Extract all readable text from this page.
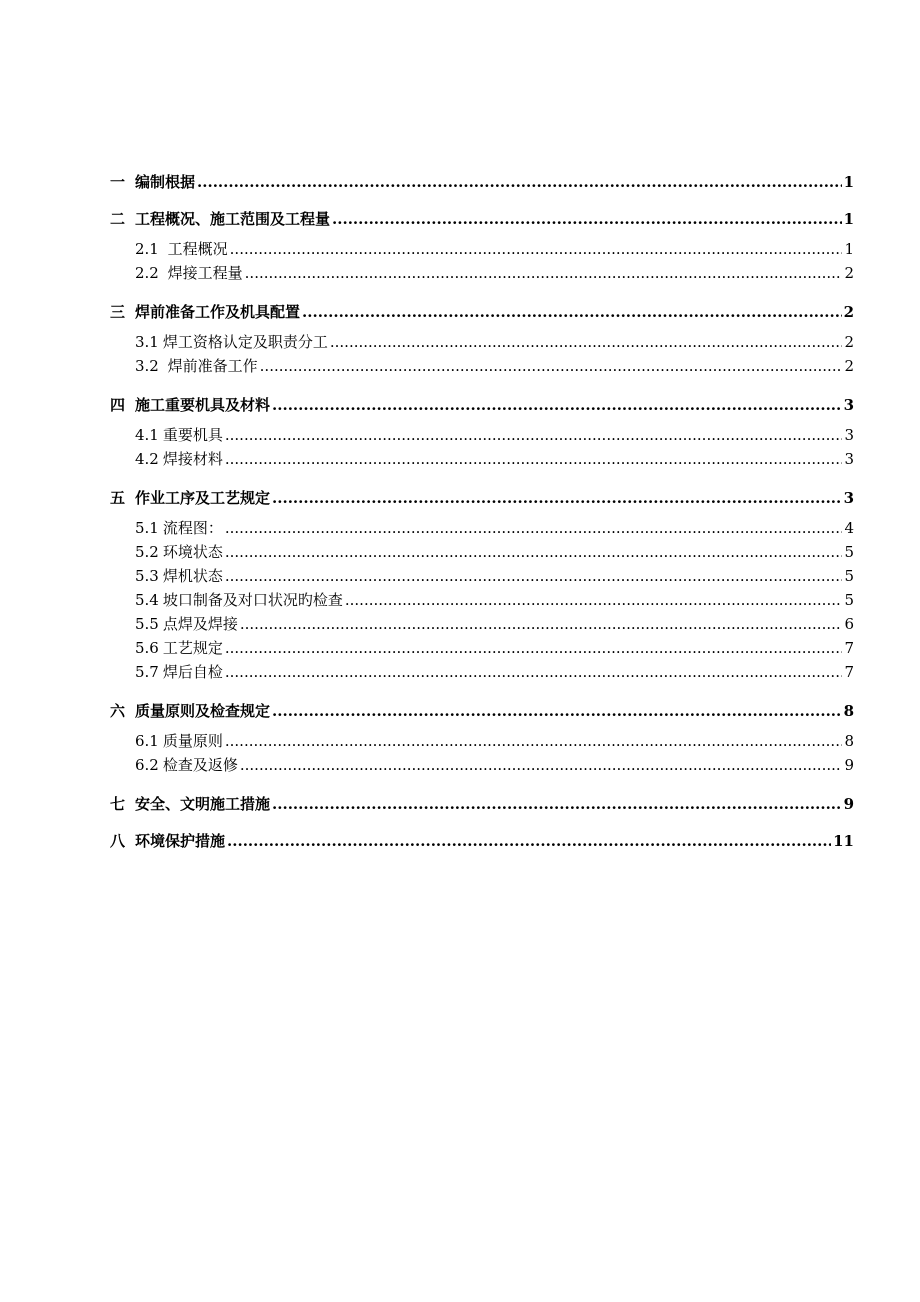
一 编制根据 .....	1
二 工程概况、施工范围及工程量 .....	1
2.1 工程概况 .....	1
2.2 焊接工程量 .....	2
三 焊前准备工作及机具配置 .....	2
3.1 焊工资格认定及职责分工 .....	2
3.2 焊前准备工作 .....	2
四 施工重要机具及材料 .....	3
4.1 重要机具 .....	3
4.2 焊接材料 .....	3
五 作业工序及工艺规定 .....	3
5.1 流程图： .....	4
5.2 环境状态 .....	5
5.3 焊机状态 .....	5
5.4 坡口制备及对口状况旳检查 .....	5
5.5 点焊及焊接 .....	6
5.6 工艺规定 .....	7
5.7 焊后自检 .....	7
六 质量原则及检查规定 .....	8
6.1 质量原则 .....	8
6.2 检查及返修 .....	9
七 安全、文明施工措施 .....	9
八 环境保护措施 .....	11
